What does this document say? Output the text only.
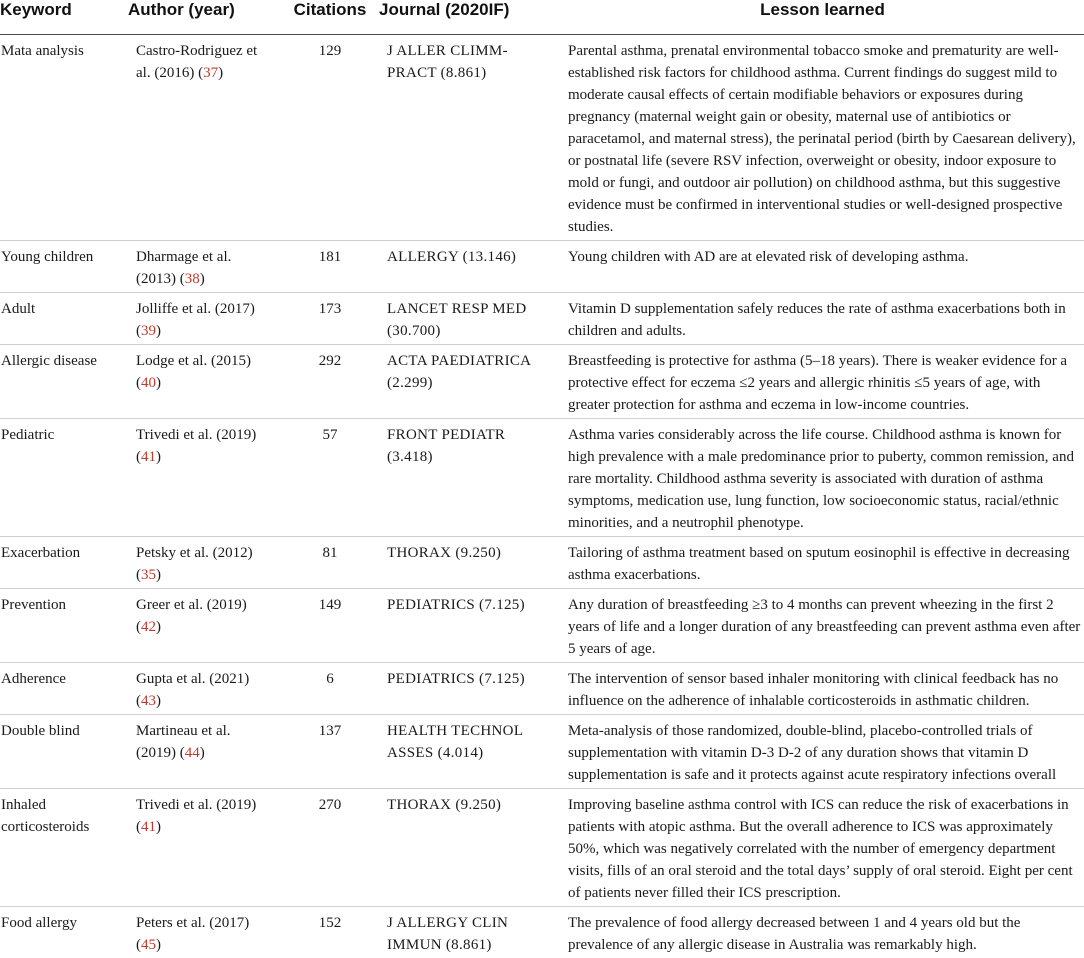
Keyword	Author (year)	Citations	Journal (2020IF)	Lesson learned
Mata analysis	Castro-Rodriguez et al. (2016) (37)	129	J ALLER CLIMM-PRACT (8.861)	Parental asthma, prenatal environmental tobacco smoke and prematurity are well-established risk factors for childhood asthma. Current findings do suggest mild to moderate causal effects of certain modifiable behaviors or exposures during pregnancy (maternal weight gain or obesity, maternal use of antibiotics or paracetamol, and maternal stress), the perinatal period (birth by Caesarean delivery), or postnatal life (severe RSV infection, overweight or obesity, indoor exposure to mold or fungi, and outdoor air pollution) on childhood asthma, but this suggestive evidence must be confirmed in interventional studies or well-designed prospective studies.
Young children	Dharmage et al. (2013) (38)	181	ALLERGY (13.146)	Young children with AD are at elevated risk of developing asthma.
Adult	Jolliffe et al. (2017) (39)	173	LANCET RESP MED (30.700)	Vitamin D supplementation safely reduces the rate of asthma exacerbations both in children and adults.
Allergic disease	Lodge et al. (2015) (40)	292	ACTA PAEDIATRICA (2.299)	Breastfeeding is protective for asthma (5–18 years). There is weaker evidence for a protective effect for eczema ≤2 years and allergic rhinitis ≤5 years of age, with greater protection for asthma and eczema in low-income countries.
Pediatric	Trivedi et al. (2019) (41)	57	FRONT PEDIATR (3.418)	Asthma varies considerably across the life course. Childhood asthma is known for high prevalence with a male predominance prior to puberty, common remission, and rare mortality. Childhood asthma severity is associated with duration of asthma symptoms, medication use, lung function, low socioeconomic status, racial/ethnic minorities, and a neutrophil phenotype.
Exacerbation	Petsky et al. (2012) (35)	81	THORAX (9.250)	Tailoring of asthma treatment based on sputum eosinophil is effective in decreasing asthma exacerbations.
Prevention	Greer et al. (2019) (42)	149	PEDIATRICS (7.125)	Any duration of breastfeeding ≥3 to 4 months can prevent wheezing in the first 2 years of life and a longer duration of any breastfeeding can prevent asthma even after 5 years of age.
Adherence	Gupta et al. (2021) (43)	6	PEDIATRICS (7.125)	The intervention of sensor based inhaler monitoring with clinical feedback has no influence on the adherence of inhalable corticosteroids in asthmatic children.
Double blind	Martineau et al. (2019) (44)	137	HEALTH TECHNOL ASSES (4.014)	Meta-analysis of those randomized, double-blind, placebo-controlled trials of supplementation with vitamin D-3 D-2 of any duration shows that vitamin D supplementation is safe and it protects against acute respiratory infections overall
Inhaled corticosteroids	Trivedi et al. (2019) (41)	270	THORAX (9.250)	Improving baseline asthma control with ICS can reduce the risk of exacerbations in patients with atopic asthma. But the overall adherence to ICS was approximately 50%, which was negatively correlated with the number of emergency department visits, fills of an oral steroid and the total days’ supply of oral steroid. Eight per cent of patients never filled their ICS prescription.
Food allergy	Peters et al. (2017) (45)	152	J ALLERGY CLIN IMMUN (8.861)	The prevalence of food allergy decreased between 1 and 4 years old but the prevalence of any allergic disease in Australia was remarkably high.
